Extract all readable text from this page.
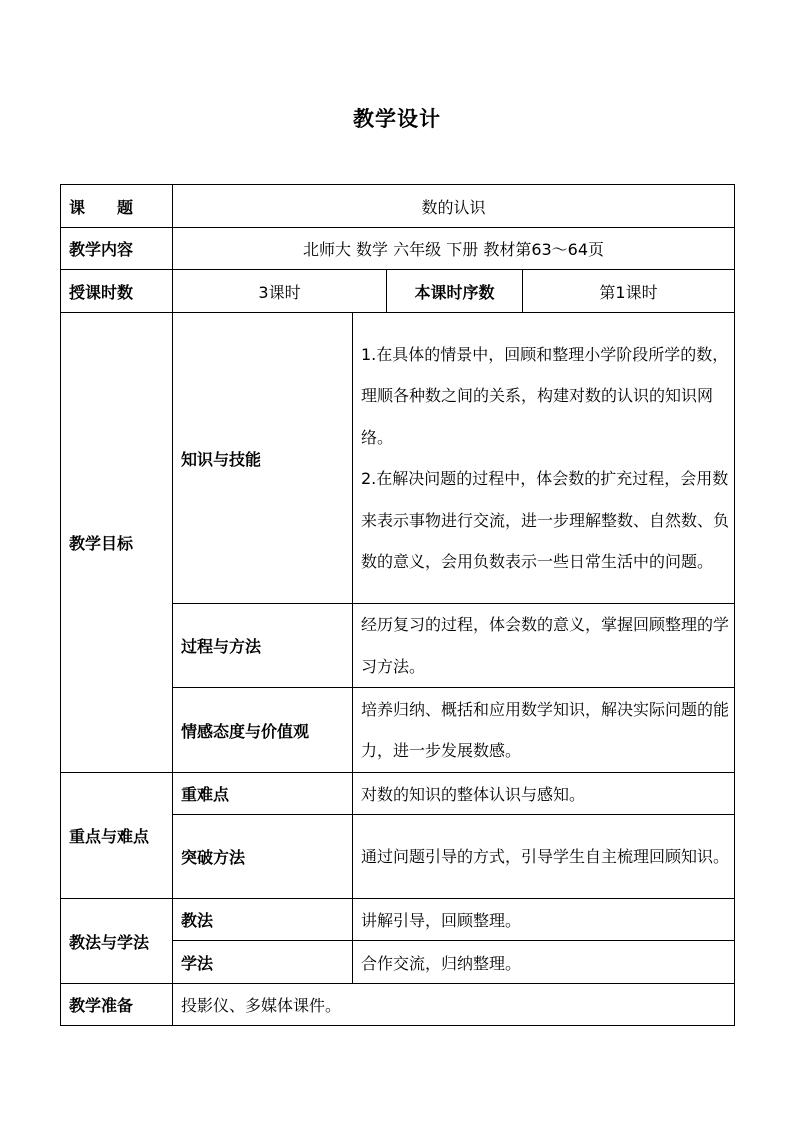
教学设计
课　　题	数的认识			
教学内容	北师大 数学 六年级 下册 教材第63～64页			
授课时数	3课时		本课时序数	第1课时
教学目标	知识与技能	1.在具体的情景中，回顾和整理小学阶段所学的数，理顺各种数之间的关系，构建对数的认识的知识网络。

2.在解决问题的过程中，体会数的扩充过程，会用数来表示事物进行交流，进一步理解整数、自然数、负数的意义，会用负数表示一些日常生活中的问题。		

	过程与方法	经历复习的过程，体会数的意义，掌握回顾整理的学习方法。		

	情感态度与价值观	培养归纳、概括和应用数学知识，解决实际问题的能力，进一步发展数感。		

重点与难点	重难点	对数的知识的整体认识与感知。		
	突破方法	通过问题引导的方式，引导学生自主梳理回顾知识。		

教法与学法	教法	讲解引导，回顾整理。		
	学法	合作交流，归纳整理。		
教学准备	投影仪、多媒体课件。			
